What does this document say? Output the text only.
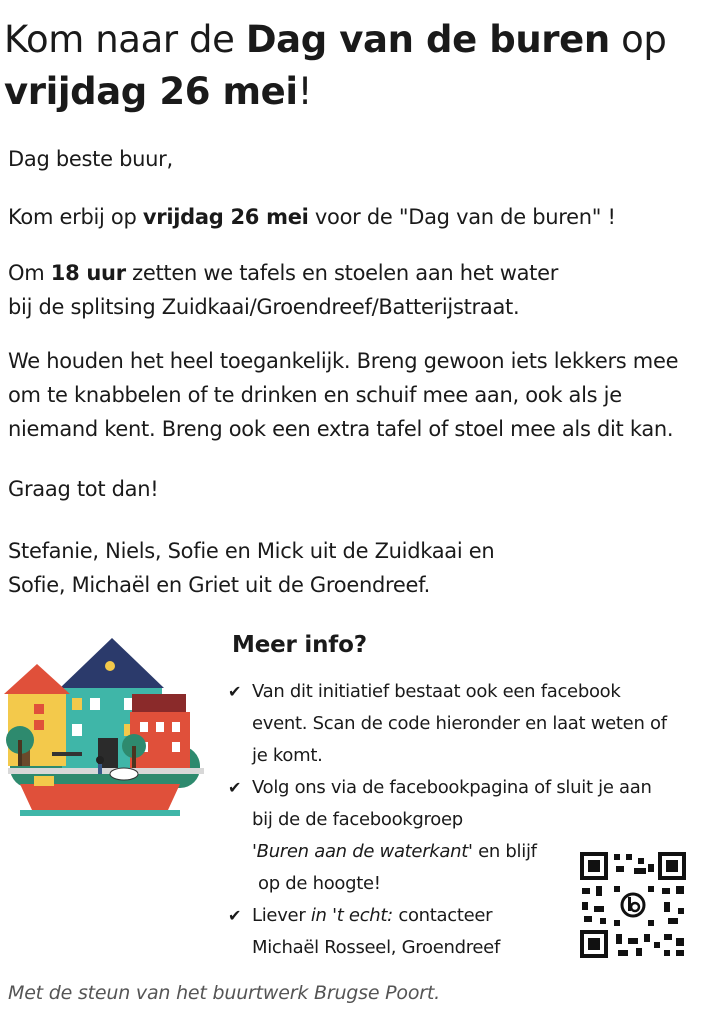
Kom naar de Dag van de buren op
vrijdag 26 mei!

Dag beste buur,

Kom erbij op vrijdag 26 mei voor de "Dag van de buren" !

Om 18 uur zetten we tafels en stoelen aan het water
bij de splitsing Zuidkaai/Groendreef/Batterijstraat.

We houden het heel toegankelijk. Breng gewoon iets lekkers mee
om te knabbelen of te drinken en schuif mee aan, ook als je
niemand kent. Breng ook een extra tafel of stoel mee als dit kan.

Graag tot dan!

Stefanie, Niels, Sofie en Mick uit de Zuidkaai en
Sofie, Michaël en Griet uit de Groendreef.

Meer info?
✔ Van dit initiatief bestaat ook een facebook
event. Scan de code hieronder en laat weten of
je komt.
✔ Volg ons via de facebookpagina of sluit je aan
bij de de facebookgroep
'Buren aan de waterkant' en blijf
op de hoogte!
✔ Liever in 't echt: contacteer
Michaël Rosseel, Groendreef

Met de steun van het buurtwerk Brugse Poort.
